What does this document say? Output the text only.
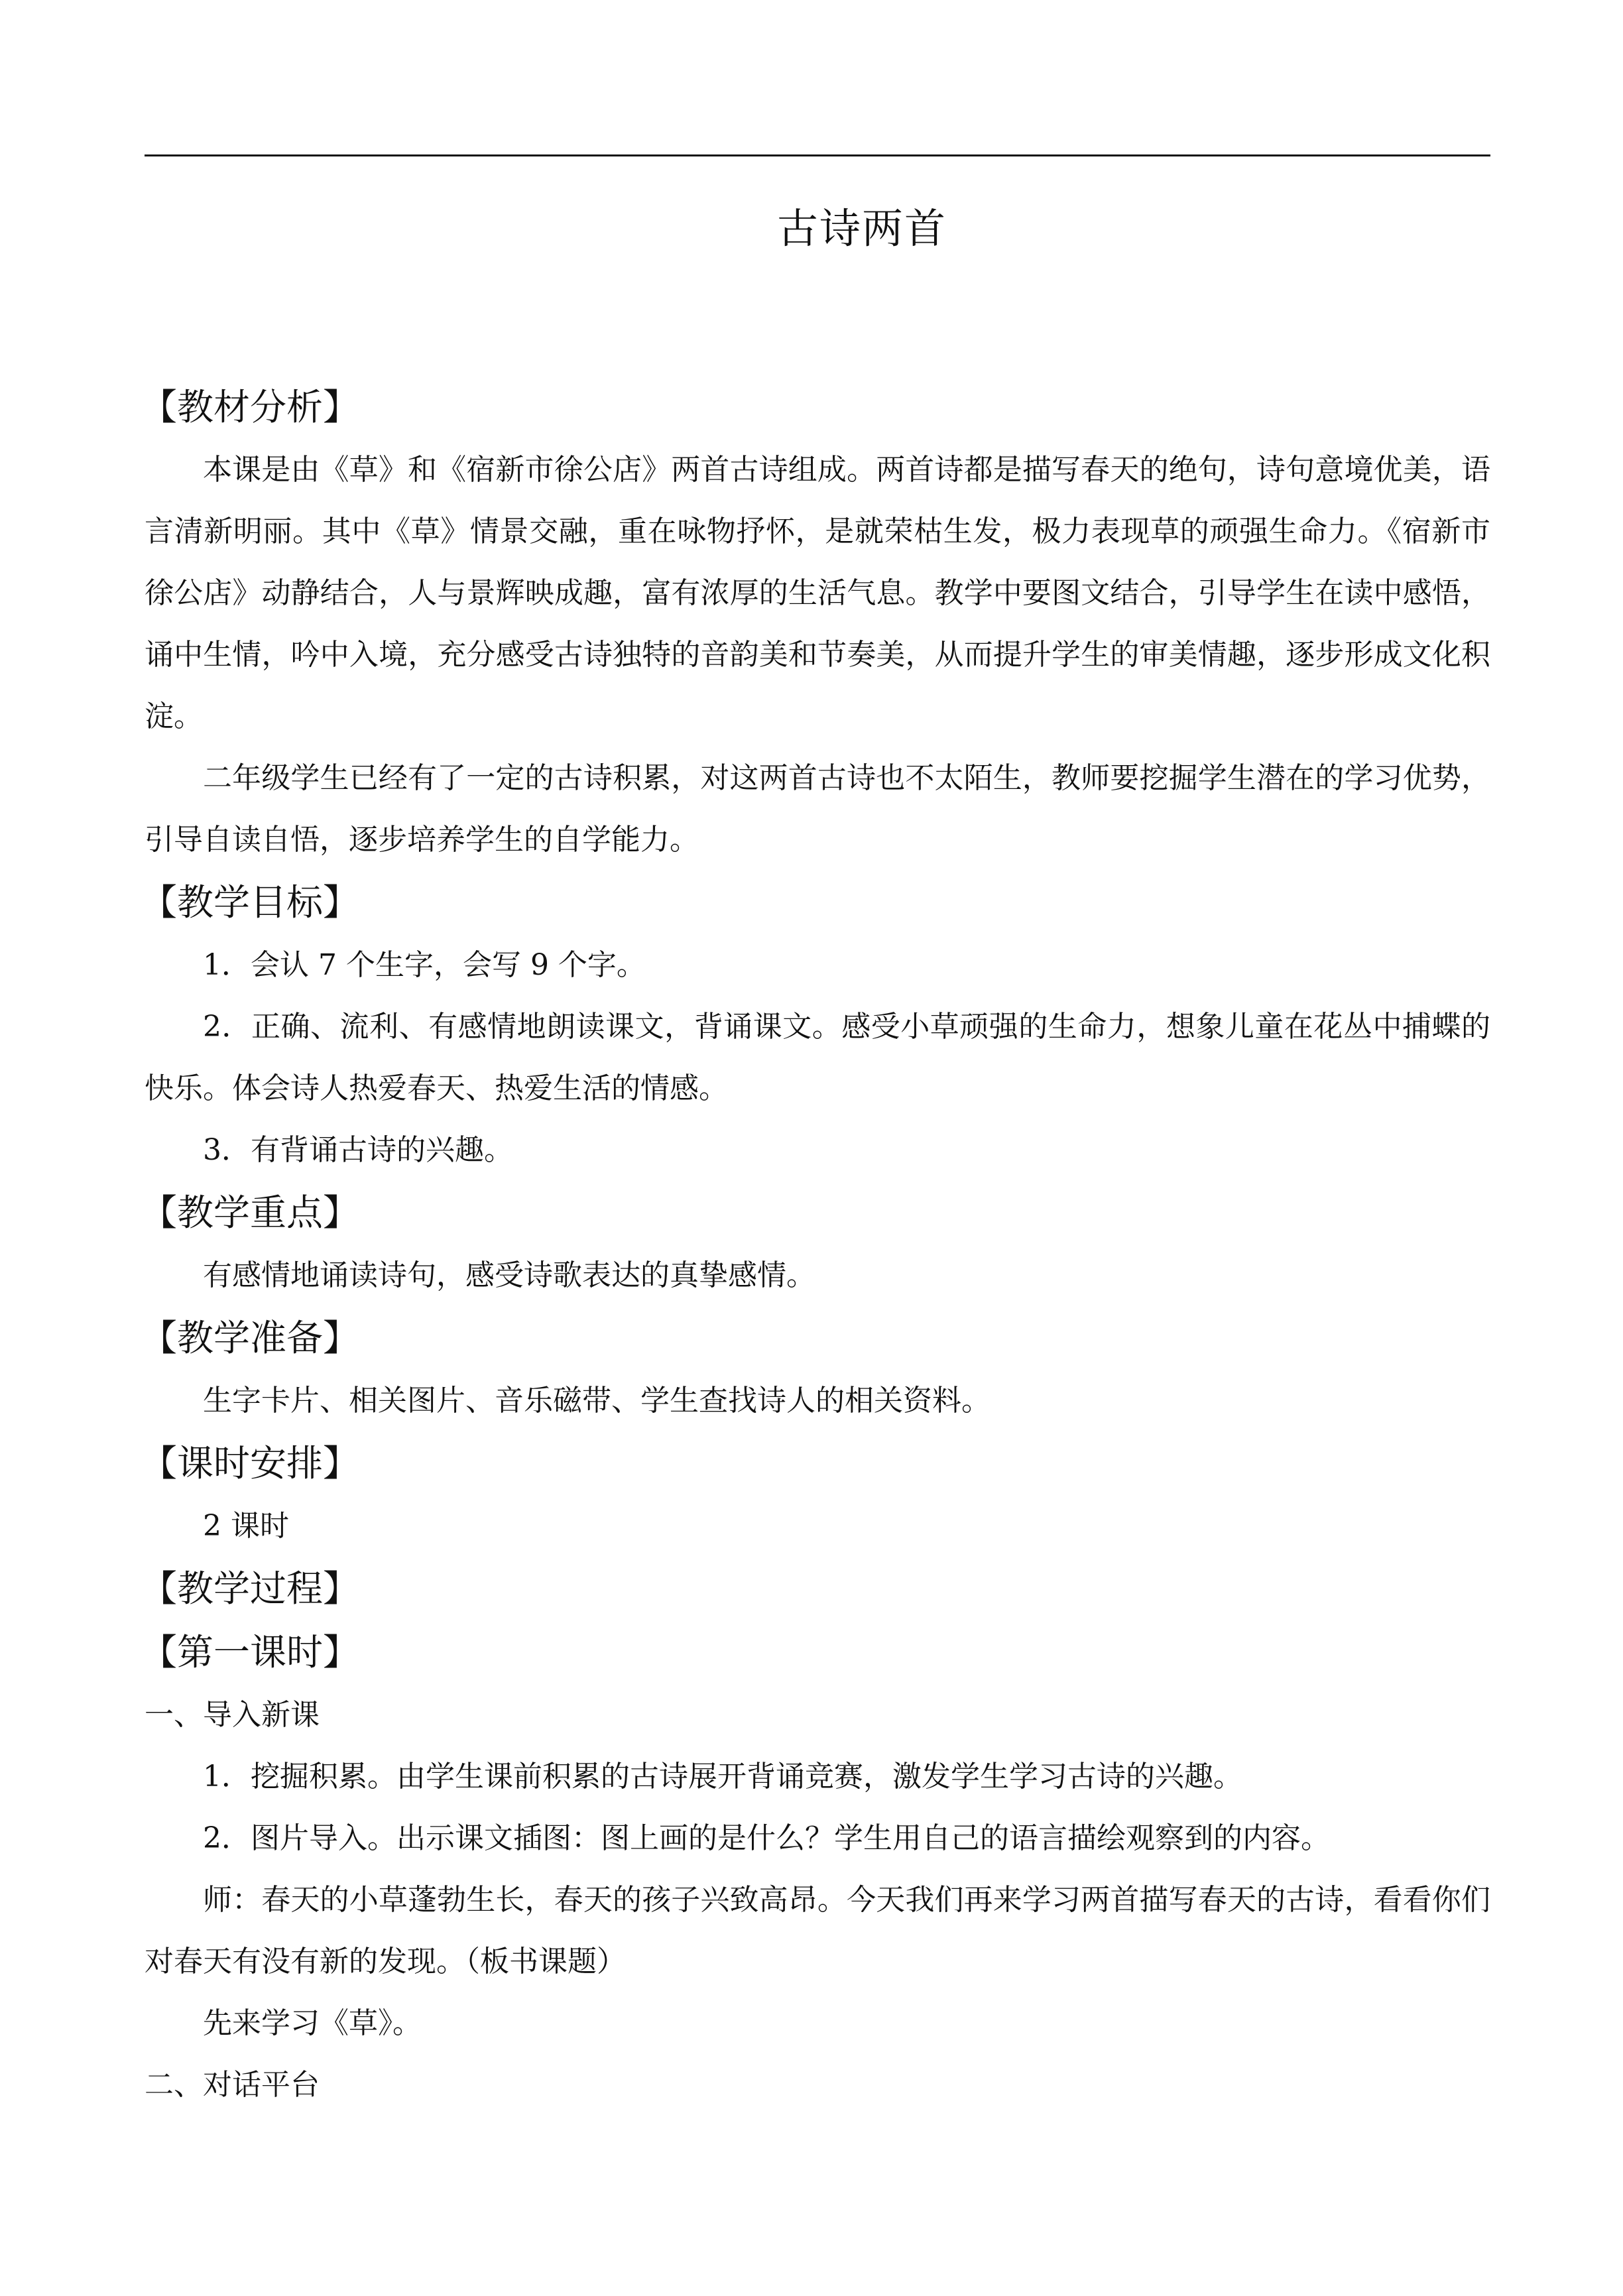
古诗两首
【教材分析】

本课是由《草》和《宿新市徐公店》两首古诗组成。两首诗都是描写春天的绝句，诗句意境优美，语言清新明丽。其中《草》情景交融，重在咏物抒怀，是就荣枯生发，极力表现草的顽强生命力。《宿新市徐公店》动静结合，人与景辉映成趣，富有浓厚的生活气息。教学中要图文结合，引导学生在读中感悟，诵中生情，吟中入境，充分感受古诗独特的音韵美和节奏美，从而提升学生的审美情趣，逐步形成文化积淀。

二年级学生已经有了一定的古诗积累，对这两首古诗也不太陌生，教师要挖掘学生潜在的学习优势，引导自读自悟，逐步培养学生的自学能力。

【教学目标】

1．会认 7 个生字，会写 9 个字。

2．正确、流利、有感情地朗读课文，背诵课文。感受小草顽强的生命力，想象儿童在花丛中捕蝶的快乐。体会诗人热爱春天、热爱生活的情感。

3．有背诵古诗的兴趣。

【教学重点】

有感情地诵读诗句，感受诗歌表达的真挚感情。

【教学准备】

生字卡片、相关图片、音乐磁带、学生查找诗人的相关资料。

【课时安排】

2 课时

【教学过程】
【第一课时】
一、导入新课

1．挖掘积累。由学生课前积累的古诗展开背诵竞赛，激发学生学习古诗的兴趣。

2．图片导入。出示课文插图：图上画的是什么？学生用自己的语言描绘观察到的内容。

师：春天的小草蓬勃生长，春天的孩子兴致高昂。今天我们再来学习两首描写春天的古诗，看看你们对春天有没有新的发现。（板书课题）

先来学习《草》。

二、对话平台
